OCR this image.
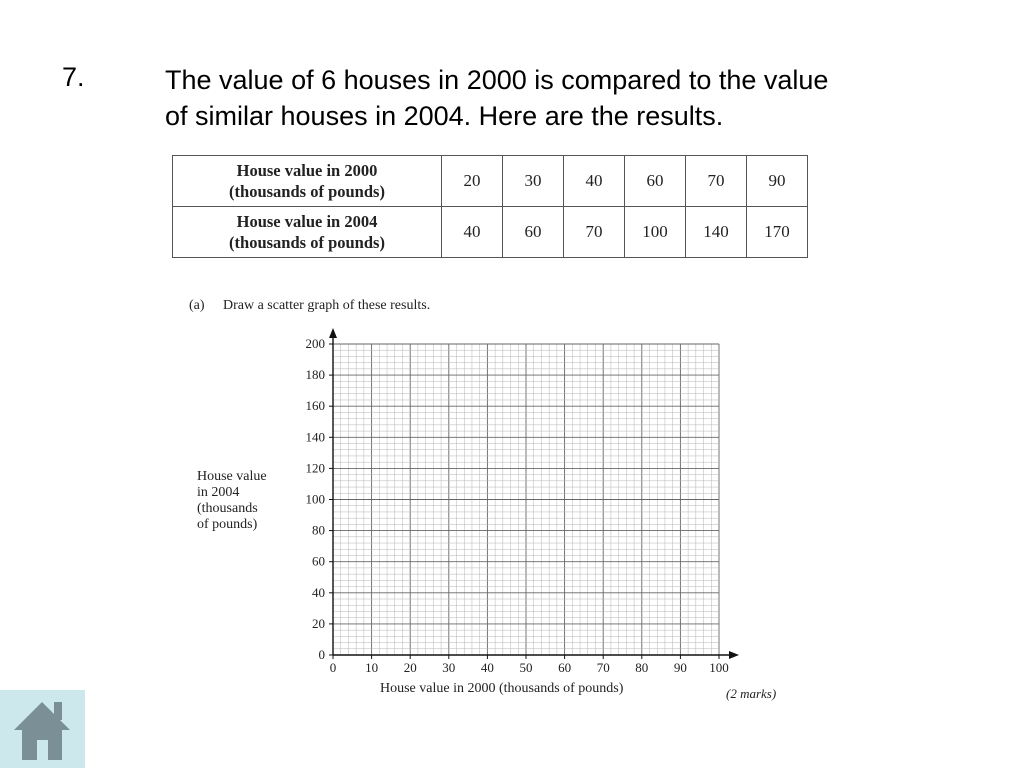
7.	The value of 6 houses in 2000 is compared to the value
of similar houses in 2004. Here are the results.
House value in 2000
(thousands of pounds)	20	30	40	60	70	90

House value in 2004
(thousands of pounds)	40	60	70	100	140	170
(a) Draw a scatter graph of these results.
0 10 20 30 40 50 60 70 80 90 100
0
20
40
60
80
100
120
140
160
180
200
House value
in 2004
(thousands
of pounds)
House value in 2000 (thousands of pounds)	(2 marks)
